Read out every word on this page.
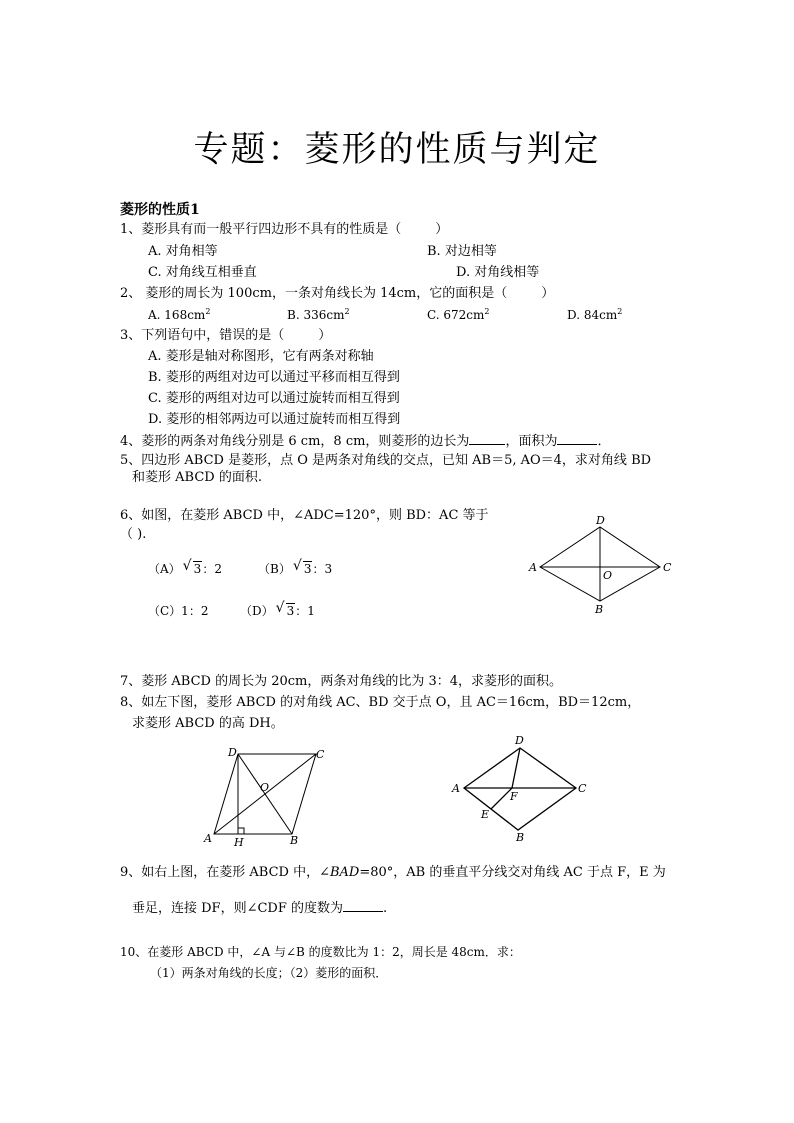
专题：菱形的性质与判定
菱形的性质1
1、菱形具有而一般平行四边形不具有的性质是（	）
A. 对角相等	B. 对边相等
C. 对角线互相垂直	D. 对角线相等
2、 菱形的周长为 100cm，一条对角线长为 14cm，它的面积是（	）
A. $168cm^2$	B. $336cm^2$	C. $672cm^2$	D. $84cm^2$
3、下列语句中，错误的是（	）
A. 菱形是轴对称图形，它有两条对称轴
B. 菱形的两组对边可以通过平移而相互得到
C. 菱形的两组对边可以通过旋转而相互得到
D. 菱形的相邻两边可以通过旋转而相互得到
4、菱形的两条对角线分别是 6 cm，8 cm，则菱形的边长为	，面积为	．
5、四边形 ABCD 是菱形，点 O 是两条对角线的交点，已知 AB＝5, AO＝4，求对角线 BD
和菱形 ABCD 的面积.
6、如图，在菱形 ABCD 中，∠ADC=120°，则 BD：AC 等于
（ ).
（A） √ 3：2	（B） √ 3：3
（C）1：2	（D） √ 3：1
A
D
C
B
O
7、菱形 ABCD 的周长为 20cm，两条对角线的比为 3：4，求菱形的面积。
8、如左下图，菱形 ABCD 的对角线 AC、BD 交于点 O，且 AC＝16cm，BD＝12cm，
求菱形 ABCD 的高 DH。
A H	B
C
D
O	A
D
C
B
E
F
9、如右上图，在菱形 ABCD 中，∠BAD=80°，AB 的垂直平分线交对角线 AC 于点 F，E 为
垂足，连接 DF，则∠CDF 的度数为	.
10、在菱形 ABCD 中，∠A 与∠B 的度数比为 1：2，周长是 48cm．求：
（1）两条对角线的长度；（2）菱形的面积．
